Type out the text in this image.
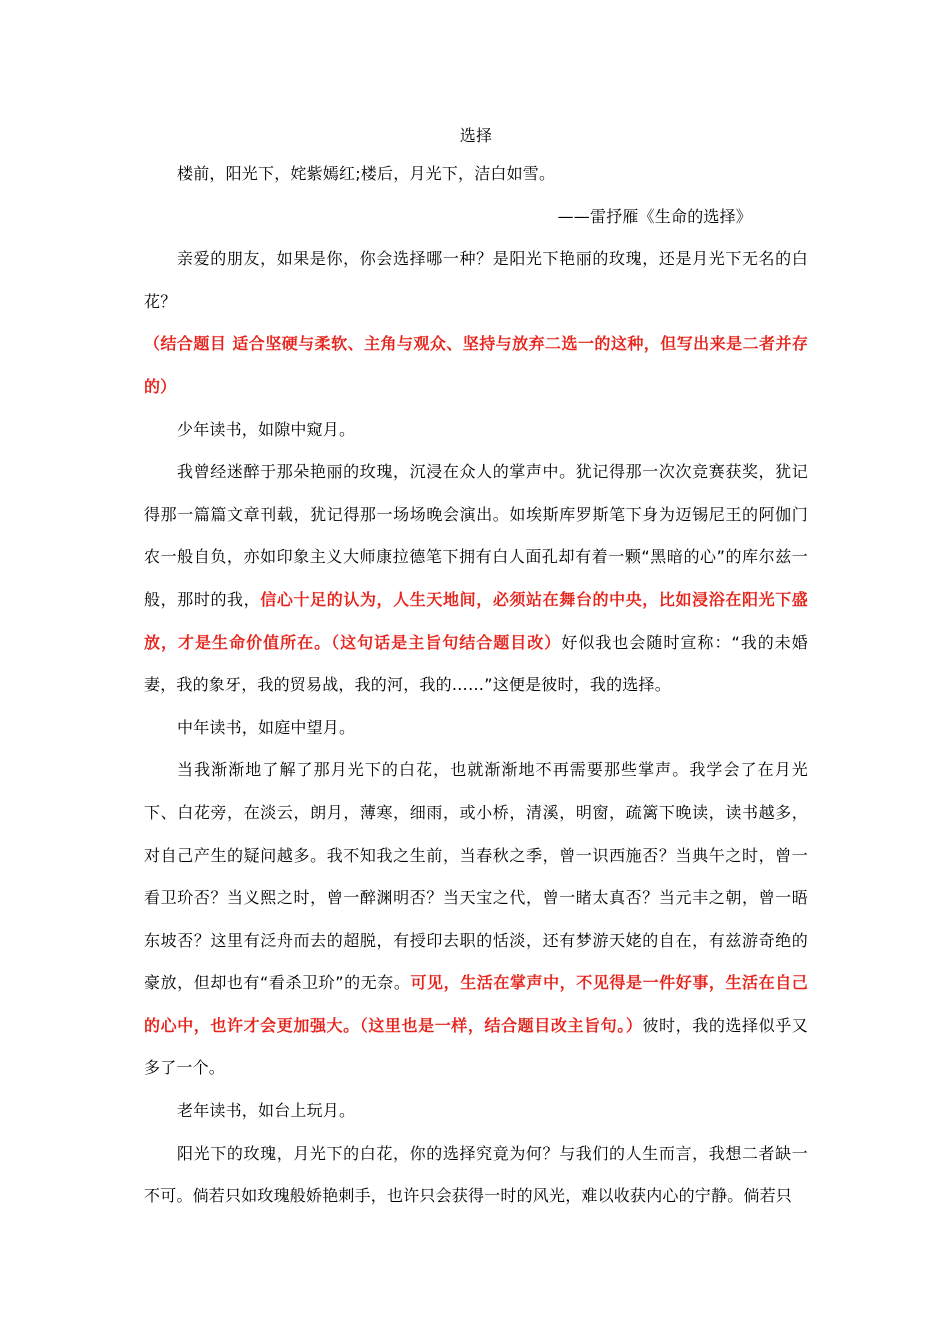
选择

楼前，阳光下，姹紫嫣红;楼后，月光下，洁白如雪。

——雷抒雁《生命的选择》

亲爱的朋友，如果是你，你会选择哪一种？是阳光下艳丽的玫瑰，还是月光下无名的白花？

（结合题目 适合坚硬与柔软、主角与观众、坚持与放弃二选一的这种，但写出来是二者并存的）

少年读书，如隙中窥月。

我曾经迷醉于那朵艳丽的玫瑰，沉浸在众人的掌声中。犹记得那一次次竞赛获奖，犹记得那一篇篇文章刊载，犹记得那一场场晚会演出。如埃斯库罗斯笔下身为迈锡尼王的阿伽门农一般自负，亦如印象主义大师康拉德笔下拥有白人面孔却有着一颗“黑暗的心”的库尔兹一般，那时的我，信心十足的认为，人生天地间，必须站在舞台的中央，比如浸浴在阳光下盛放，才是生命价值所在。（这句话是主旨句结合题目改）好似我也会随时宣称：“我的未婚妻，我的象牙，我的贸易战，我的河，我的……”这便是彼时，我的选择。

中年读书，如庭中望月。

当我渐渐地了解了那月光下的白花，也就渐渐地不再需要那些掌声。我学会了在月光下、白花旁，在淡云，朗月，薄寒，细雨，或小桥，清溪，明窗，疏篱下晚读，读书越多，对自己产生的疑问越多。我不知我之生前，当春秋之季，曾一识西施否？当典午之时，曾一看卫玠否？当义熙之时，曾一醉渊明否？当天宝之代，曾一睹太真否？当元丰之朝，曾一晤东坡否？这里有泛舟而去的超脱，有授印去职的恬淡，还有梦游天姥的自在，有兹游奇绝的豪放，但却也有“看杀卫玠”的无奈。可见，生活在掌声中，不见得是一件好事，生活在自己的心中，也许才会更加强大。（这里也是一样，结合题目改主旨句。）彼时，我的选择似乎又多了一个。

老年读书，如台上玩月。

阳光下的玫瑰，月光下的白花，你的选择究竟为何？与我们的人生而言，我想二者缺一不可。倘若只如玫瑰般娇艳刺手，也许只会获得一时的风光，难以收获内心的宁静。倘若只
